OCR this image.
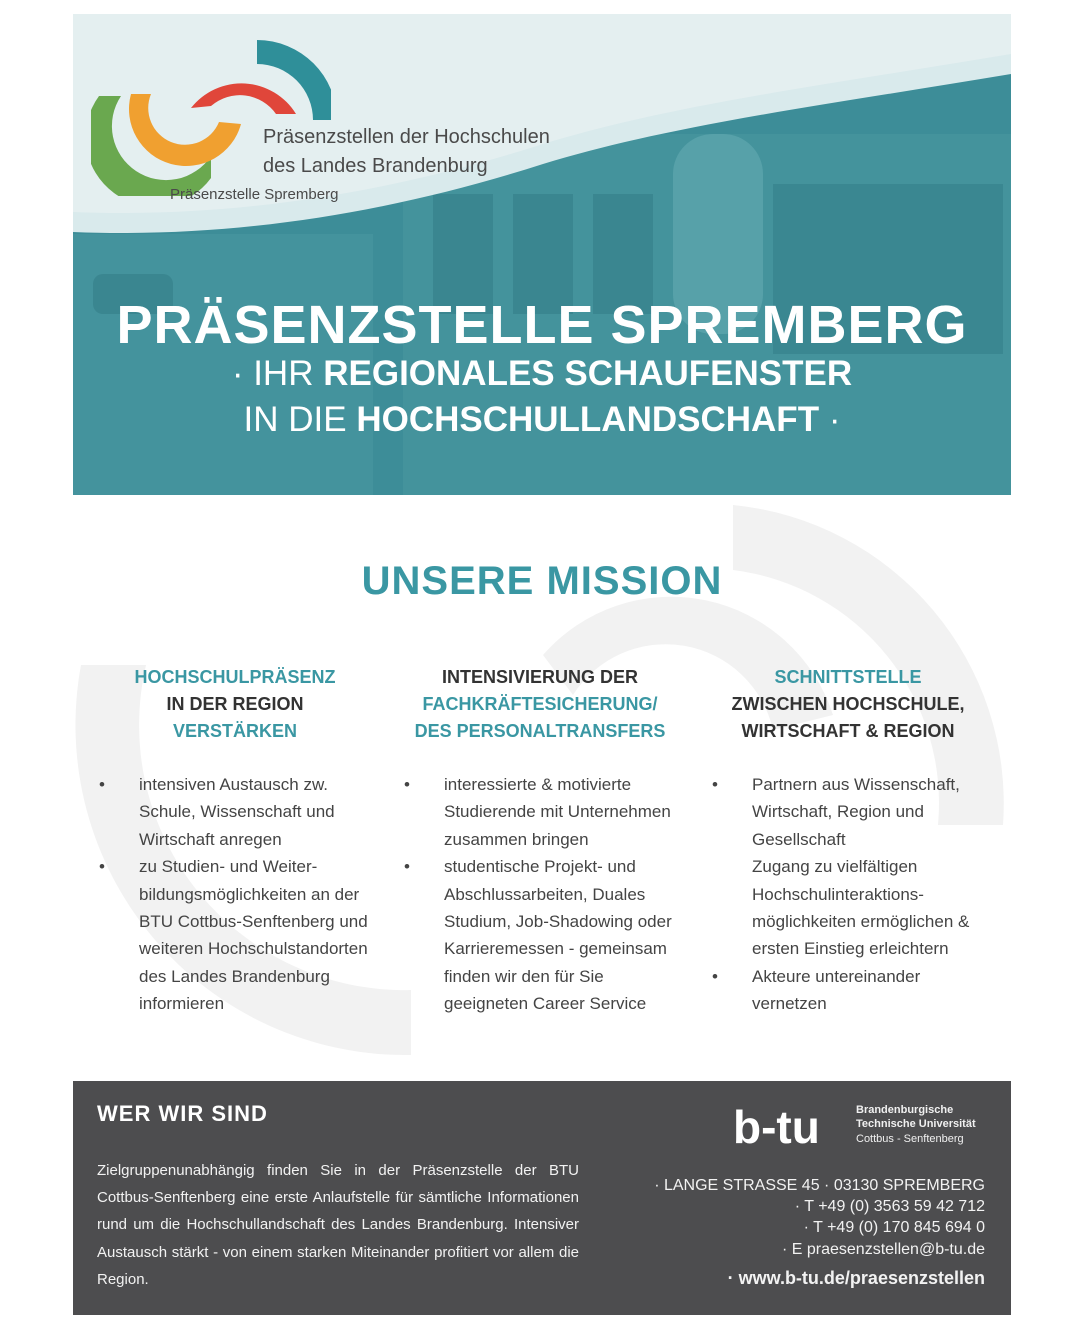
Präsenzstellen der Hochschulen
des Landes Brandenburg
Präsenzstelle Spremberg
PRÄSENZSTELLE SPREMBERG
· IHR REGIONALES SCHAUFENSTER
IN DIE HOCHSCHULLANDSCHAFT ·
UNSERE MISSION
HOCHSCHULPRÄSENZ
IN DER REGION
VERSTÄRKEN
• intensiven Austausch zw. Schule, Wissenschaft und Wirtschaft anregen
• zu Studien- und Weiter-bildungsmöglichkeiten an der BTU Cottbus-Senftenberg und weiteren Hochschulstandorten des Landes Brandenburg informieren
INTENSIVIERUNG DER
FACHKRÄFTESICHERUNG/
DES PERSONALTRANSFERS
• interessierte & motivierte Studierende mit Unternehmen zusammen bringen
• studentische Projekt- und Abschlussarbeiten, Duales Studium, Job-Shadowing oder Karrieremessen - gemeinsam finden wir den für Sie geeigneten Career Service
SCHNITTSTELLE
ZWISCHEN HOCHSCHULE,
WIRTSCHAFT & REGION
• Partnern aus Wissenschaft, Wirtschaft, Region und Gesellschaft
Zugang zu vielfältigen Hochschulinteraktions-möglichkeiten ermöglichen & ersten Einstieg erleichtern
• Akteure untereinander vernetzen
WER WIR SIND
Zielgruppenunabhängig finden Sie in der Präsenzstelle der BTU Cottbus-Senftenberg eine erste Anlaufstelle für sämtliche Informationen rund um die Hochschullandschaft des Landes Brandenburg. Intensiver Austausch stärkt - von einem starken Miteinander profitiert vor allem die Region.
b-tu	Brandenburgische
Technische Universität
Cottbus - Senftenberg
· LANGE STRASSE 45 · 03130 SPREMBERG
· T +49 (0) 3563 59 42 712
· T +49 (0) 170 845 694 0
· E praesenzstellen@b-tu.de
· www.b-tu.de/praesenzstellen
